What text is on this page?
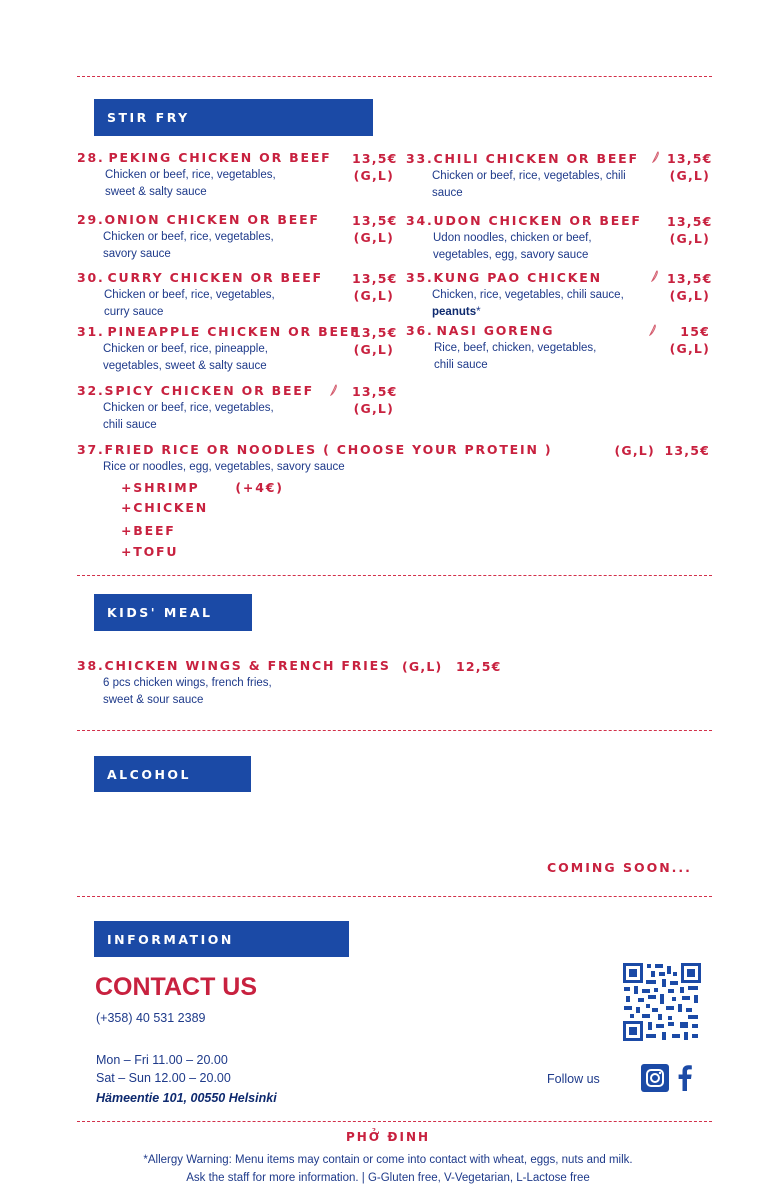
STIR FRY
28. PEKING CHICKEN OR BEEF
Chicken or beef, rice, vegetables,
sweet & salty sauce
13,5€
(G,L)
29.ONION CHICKEN OR BEEF
Chicken or beef, rice, vegetables,
savory sauce
13,5€
(G,L)
30. CURRY CHICKEN OR BEEF
Chicken or beef, rice, vegetables,
curry sauce
13,5€
(G,L)
31. PINEAPPLE CHICKEN OR BEEF
Chicken or beef, rice, pineapple,
vegetables, sweet & salty sauce
13,5€
(G,L)
32.SPICY CHICKEN OR BEEF
Chicken or beef, rice, vegetables,
chili sauce
13,5€
(G,L)
33.CHILI CHICKEN OR BEEF
Chicken or beef, rice, vegetables, chili
sauce
13,5€
(G,L)
34.UDON CHICKEN OR BEEF
Udon noodles, chicken or beef,
vegetables, egg, savory sauce
13,5€
(G,L)
35.KUNG PAO CHICKEN
Chicken, rice, vegetables, chili sauce,
peanuts*
13,5€
(G,L)
36. NASI GORENG
Rice, beef, chicken, vegetables,
chili sauce
15€
(G,L)
37.FRIED RICE OR NOODLES ( CHOOSE YOUR PROTEIN )
Rice or noodles, egg, vegetables, savory sauce
(G,L) 13,5€
+SHRIMP	(+4€)
+CHICKEN
+BEEF
+TOFU
KIDS' MEAL
38.CHICKEN WINGS & FRENCH FRIES
6 pcs chicken wings, french fries,
sweet & sour sauce
(G,L) 12,5€
ALCOHOL
COMING SOON...
INFORMATION
CONTACT US
(+358) 40 531 2389
Mon – Fri 11.00 – 20.00
Sat – Sun 12.00 – 20.00
Hämeentie 101, 00550 Helsinki
Follow us
PHỞ ĐINH
*Allergy Warning: Menu items may contain or come into contact with wheat, eggs, nuts and milk.
Ask the staff for more information. | G-Gluten free, V-Vegetarian, L-Lactose free
